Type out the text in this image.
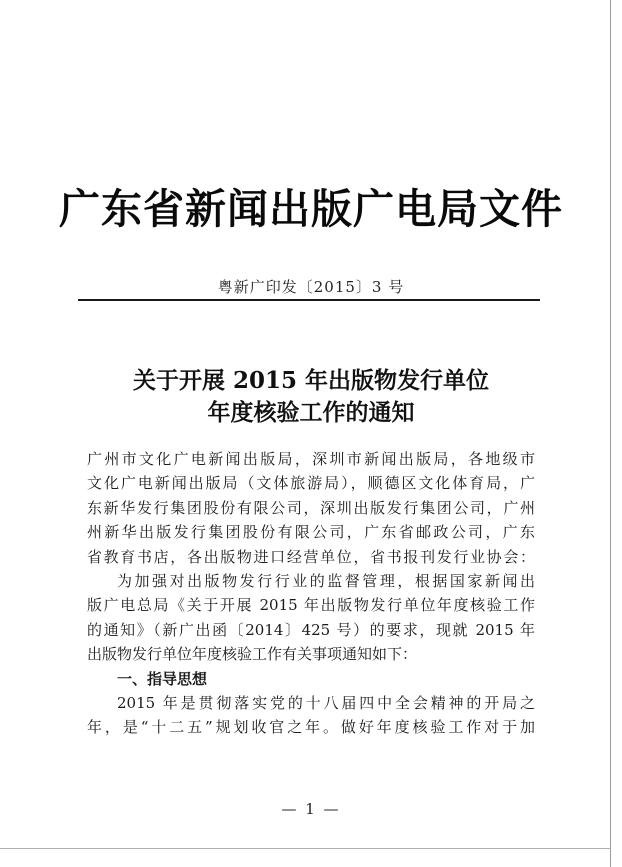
广东省新闻出版广电局文件
粤新广印发〔2015〕3 号
关于开展 2015 年出版物发行单位
年度核验工作的通知
广州市文化广电新闻出版局，深圳市新闻出版局，各地级市
文化广电新闻出版局（文体旅游局），顺德区文化体育局，广
东新华发行集团股份有限公司，深圳出版发行集团公司，广州
州新华出版发行集团股份有限公司，广东省邮政公司，广东
省教育书店，各出版物进口经营单位，省书报刊发行业协会：
为加强对出版物发行行业的监督管理，根据国家新闻出
版广电总局《关于开展 2015 年出版物发行单位年度核验工作
的通知》（新广出函〔2014〕425 号）的要求，现就 2015 年
出版物发行单位年度核验工作有关事项通知如下：
一、指导思想
2015 年是贯彻落实党的十八届四中全会精神的开局之
年，是“十二五”规划收官之年。做好年度核验工作对于加
— 1 —
